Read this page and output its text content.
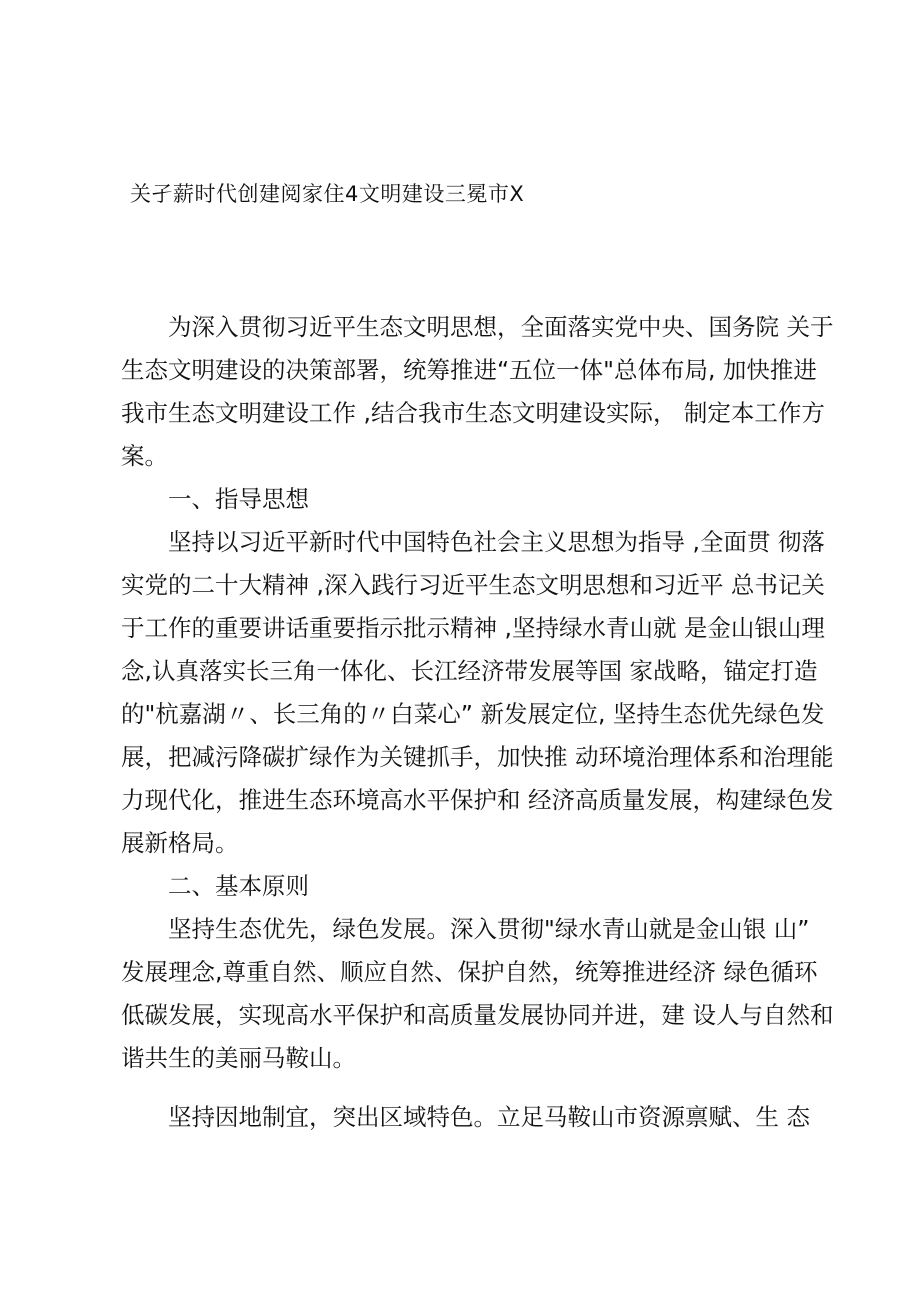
关孑薪时代创建阅家住4文明建设三冕市X
为深入贯彻习近平生态文明思想，全面落实党中央、国务院 关于
生态文明建设的决策部署，统筹推进“五位一体"总体布局, 加快推进
我市生态文明建设工作 ,结合我市生态文明建设实际， 制定本工作方
案。
一、指导思想
坚持以习近平新时代中国特色社会主义思想为指导 ,全面贯 彻落
实党的二十大精神 ,深入践行习近平生态文明思想和习近平 总书记关
于工作的重要讲话重要指示批示精神 ,坚持绿水青山就 是金山银山理
念,认真落实长三角一体化、长江经济带发展等国 家战略，锚定打造
的"杭嘉湖〃、长三角的〃白菜心” 新发展定位, 坚持生态优先绿色发
展，把减污降碳扩绿作为关键抓手，加快推 动环境治理体系和治理能
力现代化，推进生态环境高水平保护和 经济高质量发展，构建绿色发
展新格局。
二、基本原则
坚持生态优先，绿色发展。深入贯彻"绿水青山就是金山银 山”
发展理念,尊重自然、顺应自然、保护自然，统筹推进经济 绿色循环
低碳发展，实现高水平保护和高质量发展协同并进，建 设人与自然和
谐共生的美丽马鞍山。
坚持因地制宜，突出区域特色。立足马鞍山市资源禀赋、生 态
